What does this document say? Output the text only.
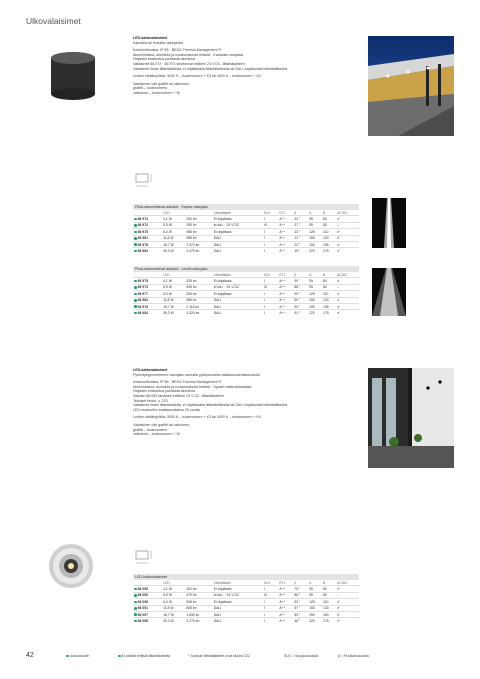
Ulkovalaisimet
LED-kattovalaisimet
Kapealla tai levealla valonjaolla
Kotelointiluokka: IP 65 · BEGA Thermal Management ®
Alumiinivalua, alumiinia ja ruostumatonta terästä · Karkaistu suojalasi
Heijastin eloksoitua puhdasta alumiinia
Valaisimet 66 972 · 66 973 tarvitsevat erillisen 24 V DC -liitäntälaitteen
Valaisimet ilman liitäntälaitetta, ei ohjattavalla liitäntälaitteella tai DALI ohjattavalla liitäntälaitteella
Ledien värilämpötila: 3000 K – tuotenumero + K3 tai 4000 K – tuotenumero + K4
Valaisimen väri grafitti tai valkoinen:
grafitti – tuotenumero
valkoinen – tuotenumero + W
Pinta-asennettavat alavalot · Kapea valonjako
	LED		Liitäntälaite	SLK	ETL	β	A	B	AC/DC
66 974	4,1 W	290 lm	Ei ohjattava	I	A⁺⁺	24 °	95	80	✔
66 972	5,5 W	390 lm	ei sis.¹ · 24 V DC	III	A⁺⁺	27 °	95	80	–
66 976	6,0 W	555 lm	Ei ohjattava	I	A⁺⁺	23 °	125	110	✔
66 981	11,8 W	985 lm	DALI	I	A⁺⁺	12 °	150	130	✔
66 978	18,7 W	1 970 lm	DALI	I	A⁺⁺	22 °	190	155	✔
66 983	39,3 W	3 475 lm	DALI	I	A⁺⁺	15 °	220	175	✔
Pinta-asennettavat alavalot · Leveä valonjako
	LED		Liitäntälaite	SLK	ETL	β	A	B	AC/DC
66 975	4,1 W	325 lm	Ei ohjattava	I	A⁺⁺	90 °	95	80	✔
66 973	5,5 W	545 lm	ei sis.¹ · 24 V DC	III	A⁺⁺	88 °	95	80	–
66 977	6,0 W	530 lm	Ei ohjattava	I	A⁺⁺	90 °	125	110	✔
66 982	11,8 W	950 lm	DALI	I	A⁺⁺	90 °	150	130	✔
66 979	18,7 W	2 115 lm	DALI	I	A⁺⁺	90 °	190	155	✔
66 984	39,3 W	3 525 lm	DALI	I	A⁺⁺	91 °	220	175	✔
LED-kattovalaisimet
Pyöristysyymmetrinen valonjako suoralla pystysuoralla valaistusvoimakkuudella
Kotelointiluokka: IP 65 · BEGA Thermal Management ®
Alumiinivalua, alumiinia ja ruostumatonta terästä · Opaali matta kirkasläasi
Heijastin eloksoitua puhdasta alumiinia
Valaisin 66 050 tarvitsee erillisen 24 V DC -liitäntälaitteen
Tekniset tiedot, s. 223
Valaisimet ilman liitäntälaitetta, ei ohjattavalla liitäntälaitteella tai DALI ohjattavalla liitäntälaitteella
LED-moduulien saatavuustakuu 20 vuotta
Ledien värilämpötila: 3000 K – tuotenumero + K3 tai 4000 K – tuotenumero + K4
Valaisimen väri grafitti tai valkoinen:
grafitti – tuotenumero
valkoinen – tuotenumero + W
LED-kattovalaisimet
	LED		Liitäntälaite	SLK	ETL	β	A	B	AC/DC
66 055	4,1 W	300 lm	Ei ohjattava	I	A⁺⁺	70 °	95	80	✔
66 050	5,5 W	470 lm	ei sis.¹ · 24 V DC	III	A⁺⁺	66 °	95	80	–
66 056	6,0 W	545 lm	Ei ohjattava	I	A⁺⁺	92 °	125	110	✔
66 051	11,8 W	800 lm	DALI	I	A⁺⁺	57 °	150	130	✔
66 057	18,7 W	1 830 lm	DALI	I	A⁺⁺	53 °	190	160	✔
66 058	39,3 W	3 275 lm	DALI	I	A⁺⁺	46 °	220	175	✔
42	Uutuustuote	Ei sisällä erillistä liitäntälaitetta	¹ Sopivat liitäntälaitteet ovat sivulla 222	SLK = Suojausluokka	β = Puoliarvokulma
